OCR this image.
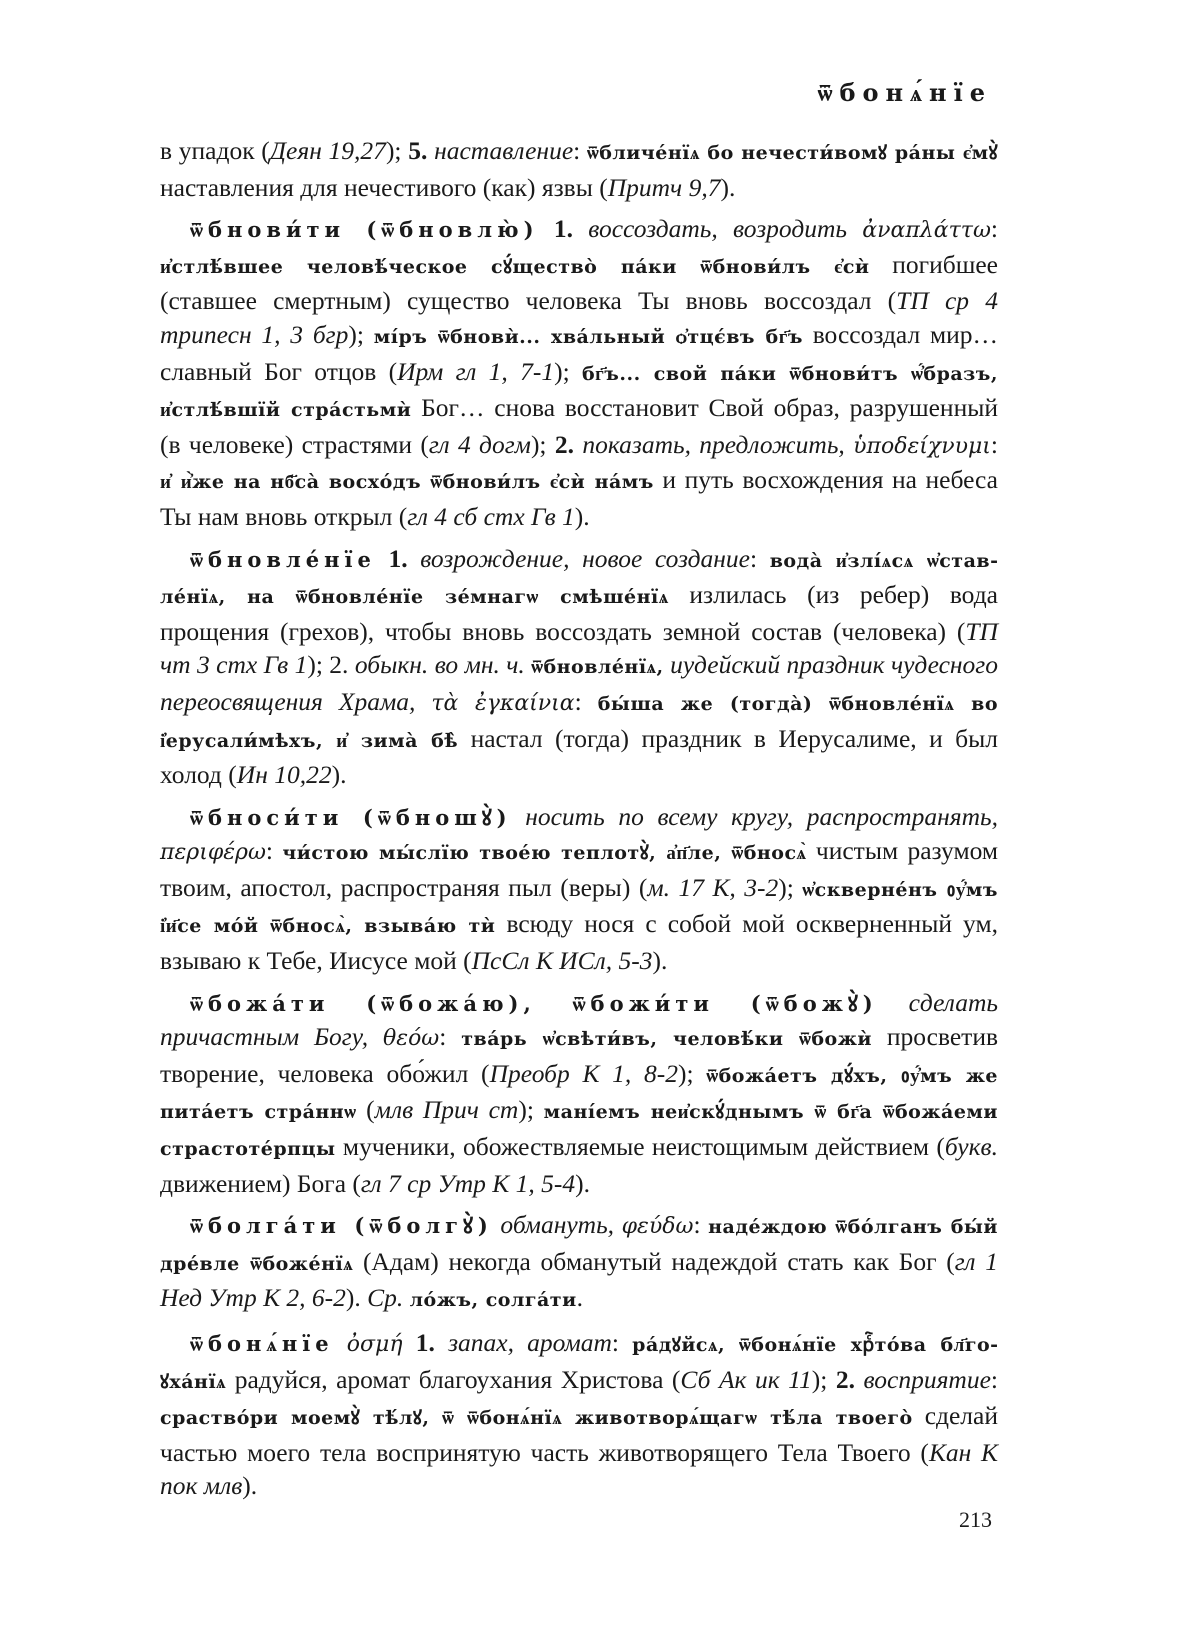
ѿбонѧ́нїе

в упадок (Деян 19,27); 5. наставление: ѿбличе́нїѧ бо нечести́вомꙋ ра́ны є҆мꙋ̀ наставления для нечестивого (как) язвы (Притч 9,7).

ѿбнови́ти (ѿбновлю̀) 1. воссоздать, возродить ἀναπλάττω: и҆стлѣ́вшее человѣ́ческое сꙋ́щество̀ па́ки ѿбнови́лъ є҆сѝ погибшее (ставшее смертным) существо человека Ты вновь воссоздал (ТП ср 4 трипесн 1, 3 бгр); мі́ръ ѿбновѝ... хва́льный ѻ҆тцє́въ бг҃ъ воссоздал мир… славный Бог отцов (Ирм гл 1, 7-1); бг҃ъ... свой па́ки ѿбнови́тъ ѡ҆́бразъ, и҆стлѣ́вшїй стра́стьмѝ Бог… снова восстановит Свой образ, разрушенный (в человеке) страстями (гл 4 догм); 2. показать, предложить, ὑποδείχνυμι: и҆ и҆̀же на нб҃са̀ восхо́дъ ѿбнови́лъ є҆сѝ на́мъ и путь восхождения на небеса Ты нам вновь открыл (гл 4 сб стх Гв 1).

ѿбновле́нїе 1. возрождение, новое создание: вода̀ и҆злі́ѧсѧ ѡ҆ставле́нїѧ, на ѿбновле́нїе зе́мнагѡ смѣше́нїѧ излилась (из ребер) вода прощения (грехов), чтобы вновь воссоздать земной состав (человека) (ТП чт 3 стх Гв 1); 2. обыкн. во мн. ч. ѿбновле́нїѧ, иудейский праздник чудесного переосвящения Храма, τὰ ἐγκαίνια: бы́ша же (тогда̀) ѿбновле́нїѧ во і҆ерусали́мѣхъ, и҆ зима̀ бѣ̀ настал (тогда) праздник в Иерусалиме, и был холод (Ин 10,22).

ѿбноси́ти (ѿбношꙋ̀) носить по всему кругу, распространять, περιφέρω: чи́стою мы́слїю твое́ю теплотꙋ̀, а҆п҃ле, ѿбносѧ̀ чистым разумом твоим, апостол, распространяя пыл (веры) (м. 17 К, 3-2); ѡ҆скверне́нъ ᲂу҆́мъ і҆и҃се мо́й ѿбносѧ̀, взыва́ю тѝ всюду нося с собой мой оскверненный ум, взываю к Тебе, Иисусе мой (ПсСл К ИСл, 5-3).

ѿбожа́ти (ѿбожа́ю), ѿбожи́ти (ѿбожꙋ̀) сделать причастным Богу, θεόω: тва́рь ѡ҆свѣти́въ, человѣ́ки ѿбожѝ просветив творение, человека обо́жил (Преобр К 1, 8-2); ѿбожа́етъ дꙋ́хъ, ᲂу҆́мъ же пита́етъ стра́ннѡ (млв Прич ст); мані́емъ неи҆скꙋ́днымъ ѿ бг҃а ѿбожа́еми страстоте́рпцы мученики, обожествляемые неистощимым действием (букв. движением) Бога (гл 7 ср Утр К 1, 5-4).

ѿболга́ти (ѿболгꙋ̀) обмануть, φεύδω: наде́ждою ѿбо́лганъ бы́й дре́вле ѿбоже́нїѧ (Адам) некогда обманутый надеждой стать как Бог (гл 1 Нед Утр К 2, 6-2). Ср. ло́жъ, солга́ти.

ѿбонѧ́нїе ὀσμή 1. запах, аромат: ра́дꙋйсѧ, ѿбонѧ́нїе хрⷭ҇то́ва бл҃гоꙋха́нїѧ радуйся, аромат благоухания Христова (Сб Ак ик 11); 2. восприятие: сраство́ри моемꙋ̀ тѣ́лꙋ, ѿ ѿбонѧ́нїѧ животворѧ́щагѡ тѣ́ла твоего̀ сделай частью моего тела воспринятую часть животворящего Тела Твоего (Кан К пок млв).

213
